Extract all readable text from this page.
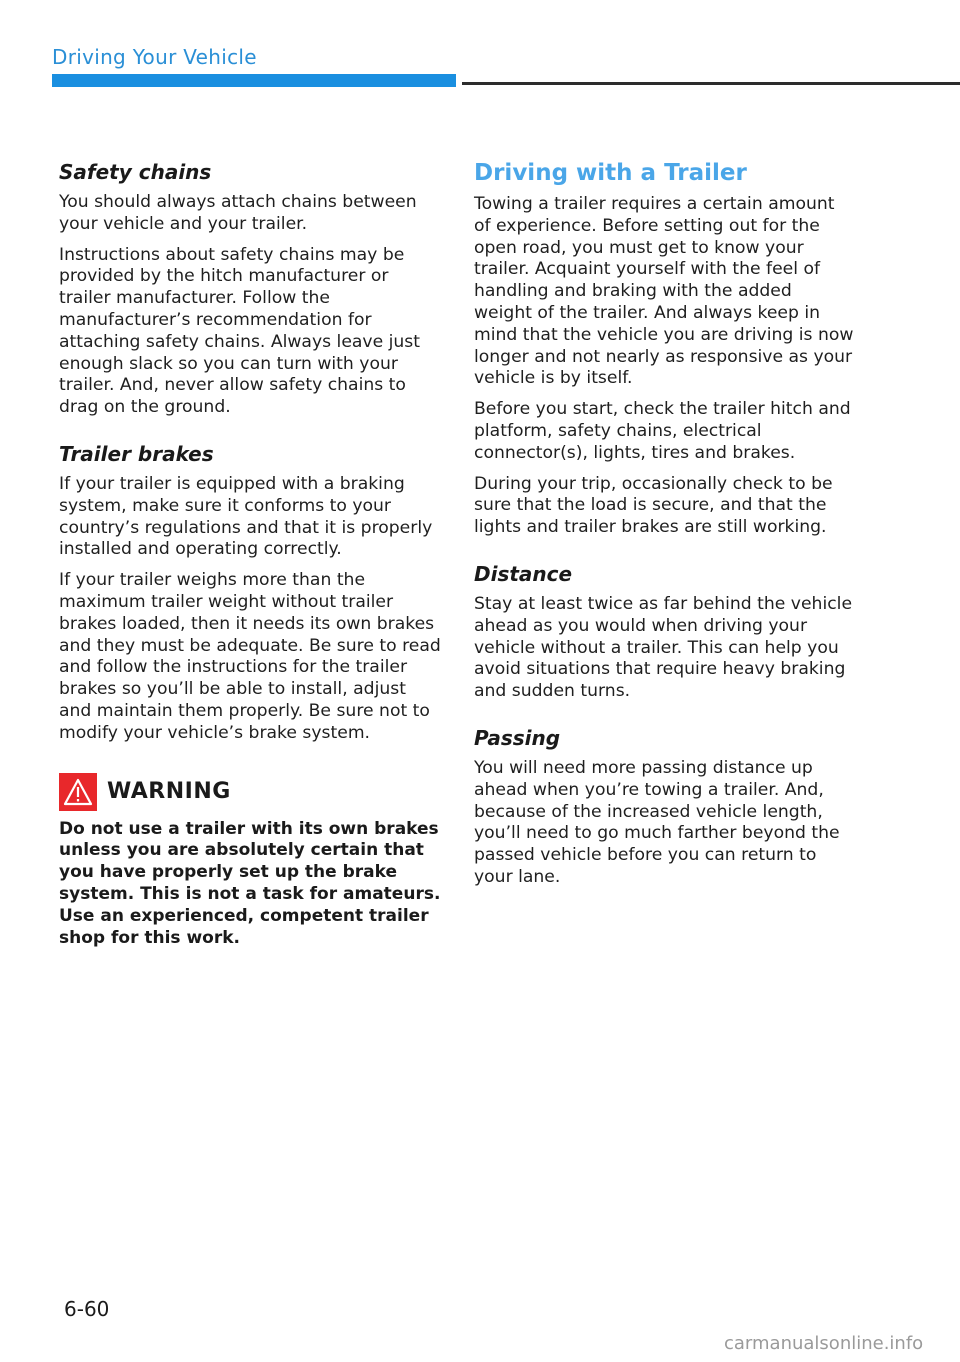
Driving Your Vehicle
Safety chains

You should always attach chains between your vehicle and your trailer.

Instructions about safety chains may be provided by the hitch manufacturer or trailer manufacturer. Follow the manufacturer’s recommendation for attaching safety chains. Always leave just enough slack so you can turn with your trailer. And, never allow safety chains to drag on the ground.

Trailer brakes

If your trailer is equipped with a braking system, make sure it conforms to your country’s regulations and that it is properly installed and operating correctly.

If your trailer weighs more than the maximum trailer weight without trailer brakes loaded, then it needs its own brakes and they must be adequate. Be sure to read and follow the instructions for the trailer brakes so you’ll be able to install, adjust and maintain them properly. Be sure not to modify your vehicle’s brake system.

WARNING

Do not use a trailer with its own brakes unless you are absolutely certain that you have properly set up the brake system. This is not a task for amateurs. Use an experienced, competent trailer shop for this work.

Driving with a Trailer

Towing a trailer requires a certain amount of experience. Before setting out for the open road, you must get to know your trailer. Acquaint yourself with the feel of handling and braking with the added weight of the trailer. And always keep in mind that the vehicle you are driving is now longer and not nearly as responsive as your vehicle is by itself.

Before you start, check the trailer hitch and platform, safety chains, electrical connector(s), lights, tires and brakes.

During your trip, occasionally check to be sure that the load is secure, and that the lights and trailer brakes are still working.

Distance

Stay at least twice as far behind the vehicle ahead as you would when driving your vehicle without a trailer. This can help you avoid situations that require heavy braking and sudden turns.

Passing

You will need more passing distance up ahead when you’re towing a trailer. And, because of the increased vehicle length, you’ll need to go much farther beyond the passed vehicle before you can return to your lane.

6-60
carmanualsonline.info
